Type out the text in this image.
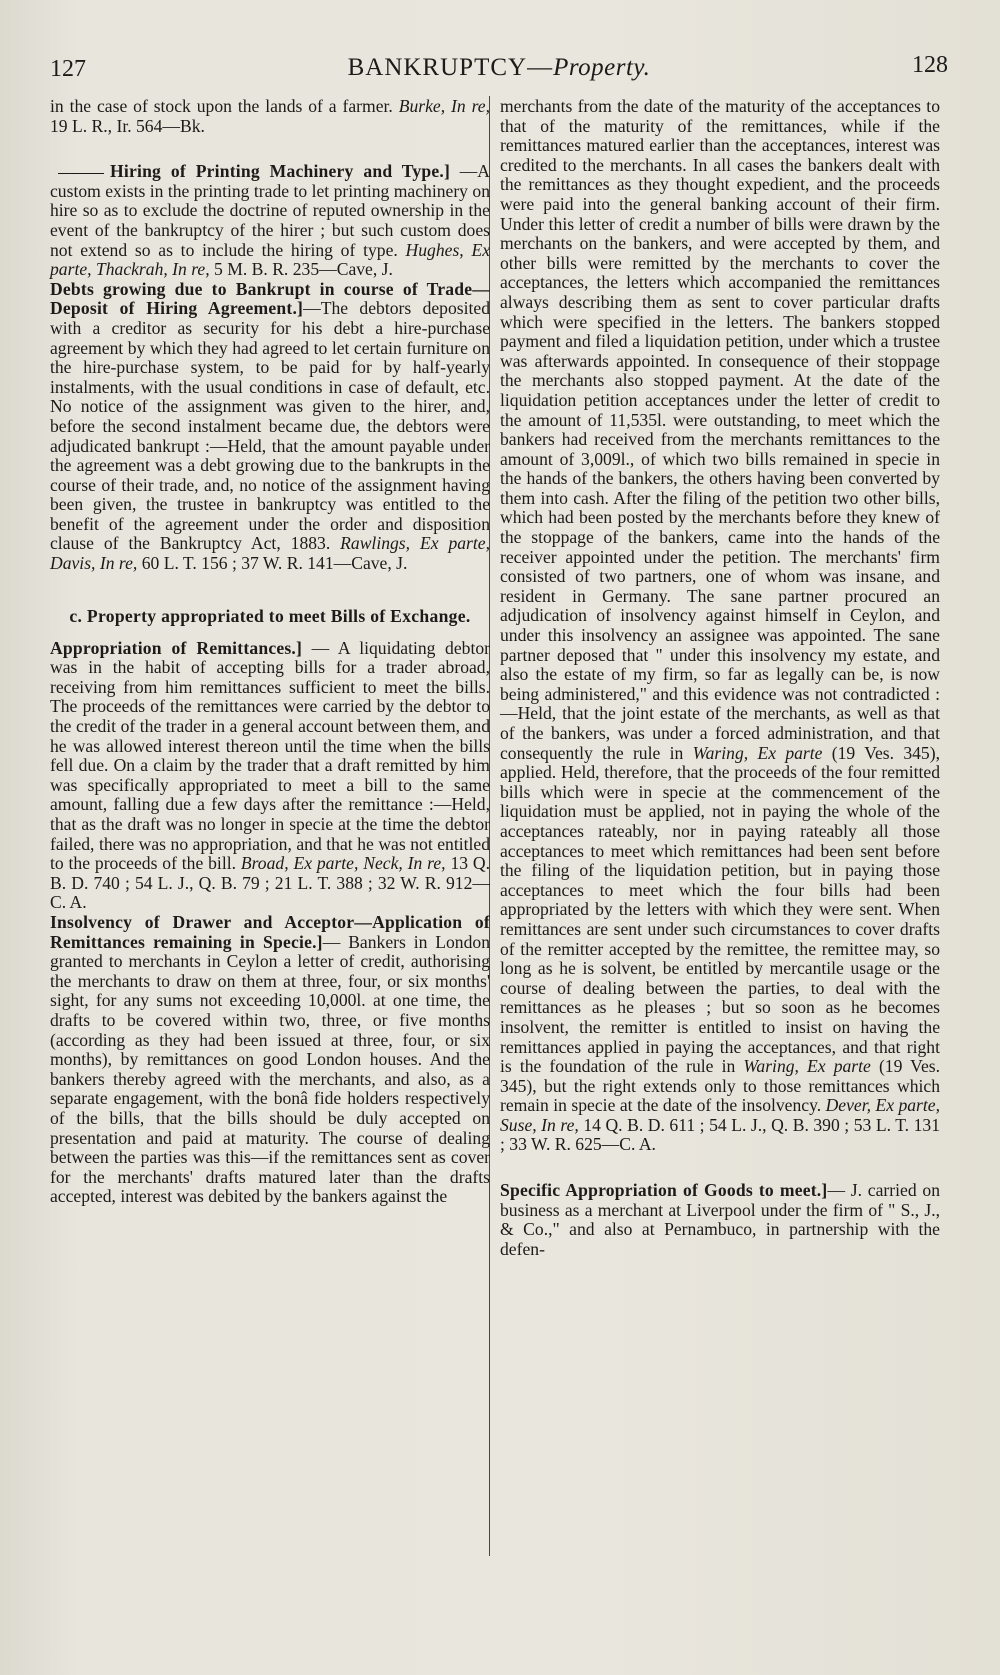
127	BANKRUPTCY—Property.	128

in the case of stock upon the lands of a farmer. Burke, In re, 19 L. R., Ir. 564—Bk.

Hiring of Printing Machinery and Type.] —A custom exists in the printing trade to let printing machinery on hire so as to exclude the doctrine of reputed ownership in the event of the bankruptcy of the hirer ; but such custom does not extend so as to include the hiring of type. Hughes, Ex parte, Thackrah, In re, 5 M. B. R. 235—Cave, J.

Debts growing due to Bankrupt in course of Trade—Deposit of Hiring Agreement.]—The debtors deposited with a creditor as security for his debt a hire-purchase agreement by which they had agreed to let certain furniture on the hire-purchase system, to be paid for by half-yearly instalments, with the usual conditions in case of default, etc. No notice of the assignment was given to the hirer, and, before the second instalment became due, the debtors were adjudicated bankrupt :—Held, that the amount payable under the agreement was a debt growing due to the bankrupts in the course of their trade, and, no notice of the assignment having been given, the trustee in bankruptcy was entitled to the benefit of the agreement under the order and disposition clause of the Bankruptcy Act, 1883. Rawlings, Ex parte, Davis, In re, 60 L. T. 156 ; 37 W. R. 141—Cave, J.

c. Property appropriated to meet Bills of Exchange.

Appropriation of Remittances.] — A liquidating debtor was in the habit of accepting bills for a trader abroad, receiving from him remittances sufficient to meet the bills. The proceeds of the remittances were carried by the debtor to the credit of the trader in a general account between them, and he was allowed interest thereon until the time when the bills fell due. On a claim by the trader that a draft remitted by him was specifically appropriated to meet a bill to the same amount, falling due a few days after the remittance :—Held, that as the draft was no longer in specie at the time the debtor failed, there was no appropriation, and that he was not entitled to the proceeds of the bill. Broad, Ex parte, Neck, In re, 13 Q. B. D. 740 ; 54 L. J., Q. B. 79 ; 21 L. T. 388 ; 32 W. R. 912—C. A.

Insolvency of Drawer and Acceptor—Application of Remittances remaining in Specie.]— Bankers in London granted to merchants in Ceylon a letter of credit, authorising the merchants to draw on them at three, four, or six months' sight, for any sums not exceeding 10,000l. at one time, the drafts to be covered within two, three, or five months (according as they had been issued at three, four, or six months), by remittances on good London houses. And the bankers thereby agreed with the merchants, and also, as a separate engagement, with the bonâ fide holders respectively of the bills, that the bills should be duly accepted on presentation and paid at maturity. The course of dealing between the parties was this—if the remittances sent as cover for the merchants' drafts matured later than the drafts accepted, interest was debited by the bankers against the

merchants from the date of the maturity of the acceptances to that of the maturity of the remittances, while if the remittances matured earlier than the acceptances, interest was credited to the merchants. In all cases the bankers dealt with the remittances as they thought expedient, and the proceeds were paid into the general banking account of their firm. Under this letter of credit a number of bills were drawn by the merchants on the bankers, and were accepted by them, and other bills were remitted by the merchants to cover the acceptances, the letters which accompanied the remittances always describing them as sent to cover particular drafts which were specified in the letters. The bankers stopped payment and filed a liquidation petition, under which a trustee was afterwards appointed. In consequence of their stoppage the merchants also stopped payment. At the date of the liquidation petition acceptances under the letter of credit to the amount of 11,535l. were outstanding, to meet which the bankers had received from the merchants remittances to the amount of 3,009l., of which two bills remained in specie in the hands of the bankers, the others having been converted by them into cash. After the filing of the petition two other bills, which had been posted by the merchants before they knew of the stoppage of the bankers, came into the hands of the receiver appointed under the petition. The merchants' firm consisted of two partners, one of whom was insane, and resident in Germany. The sane partner procured an adjudication of insolvency against himself in Ceylon, and under this insolvency an assignee was appointed. The sane partner deposed that " under this insolvency my estate, and also the estate of my firm, so far as legally can be, is now being administered," and this evidence was not contradicted :—Held, that the joint estate of the merchants, as well as that of the bankers, was under a forced administration, and that consequently the rule in Waring, Ex parte (19 Ves. 345), applied. Held, therefore, that the proceeds of the four remitted bills which were in specie at the commencement of the liquidation must be applied, not in paying the whole of the acceptances rateably, nor in paying rateably all those acceptances to meet which remittances had been sent before the filing of the liquidation petition, but in paying those acceptances to meet which the four bills had been appropriated by the letters with which they were sent. When remittances are sent under such circumstances to cover drafts of the remitter accepted by the remittee, the remittee may, so long as he is solvent, be entitled by mercantile usage or the course of dealing between the parties, to deal with the remittances as he pleases ; but so soon as he becomes insolvent, the remitter is entitled to insist on having the remittances applied in paying the acceptances, and that right is the foundation of the rule in Waring, Ex parte (19 Ves. 345), but the right extends only to those remittances which remain in specie at the date of the insolvency. Dever, Ex parte, Suse, In re, 14 Q. B. D. 611 ; 54 L. J., Q. B. 390 ; 53 L. T. 131 ; 33 W. R. 625—C. A.

Specific Appropriation of Goods to meet.]— J. carried on business as a merchant at Liverpool under the firm of " S., J., & Co.," and also at Pernambuco, in partnership with the defen-
